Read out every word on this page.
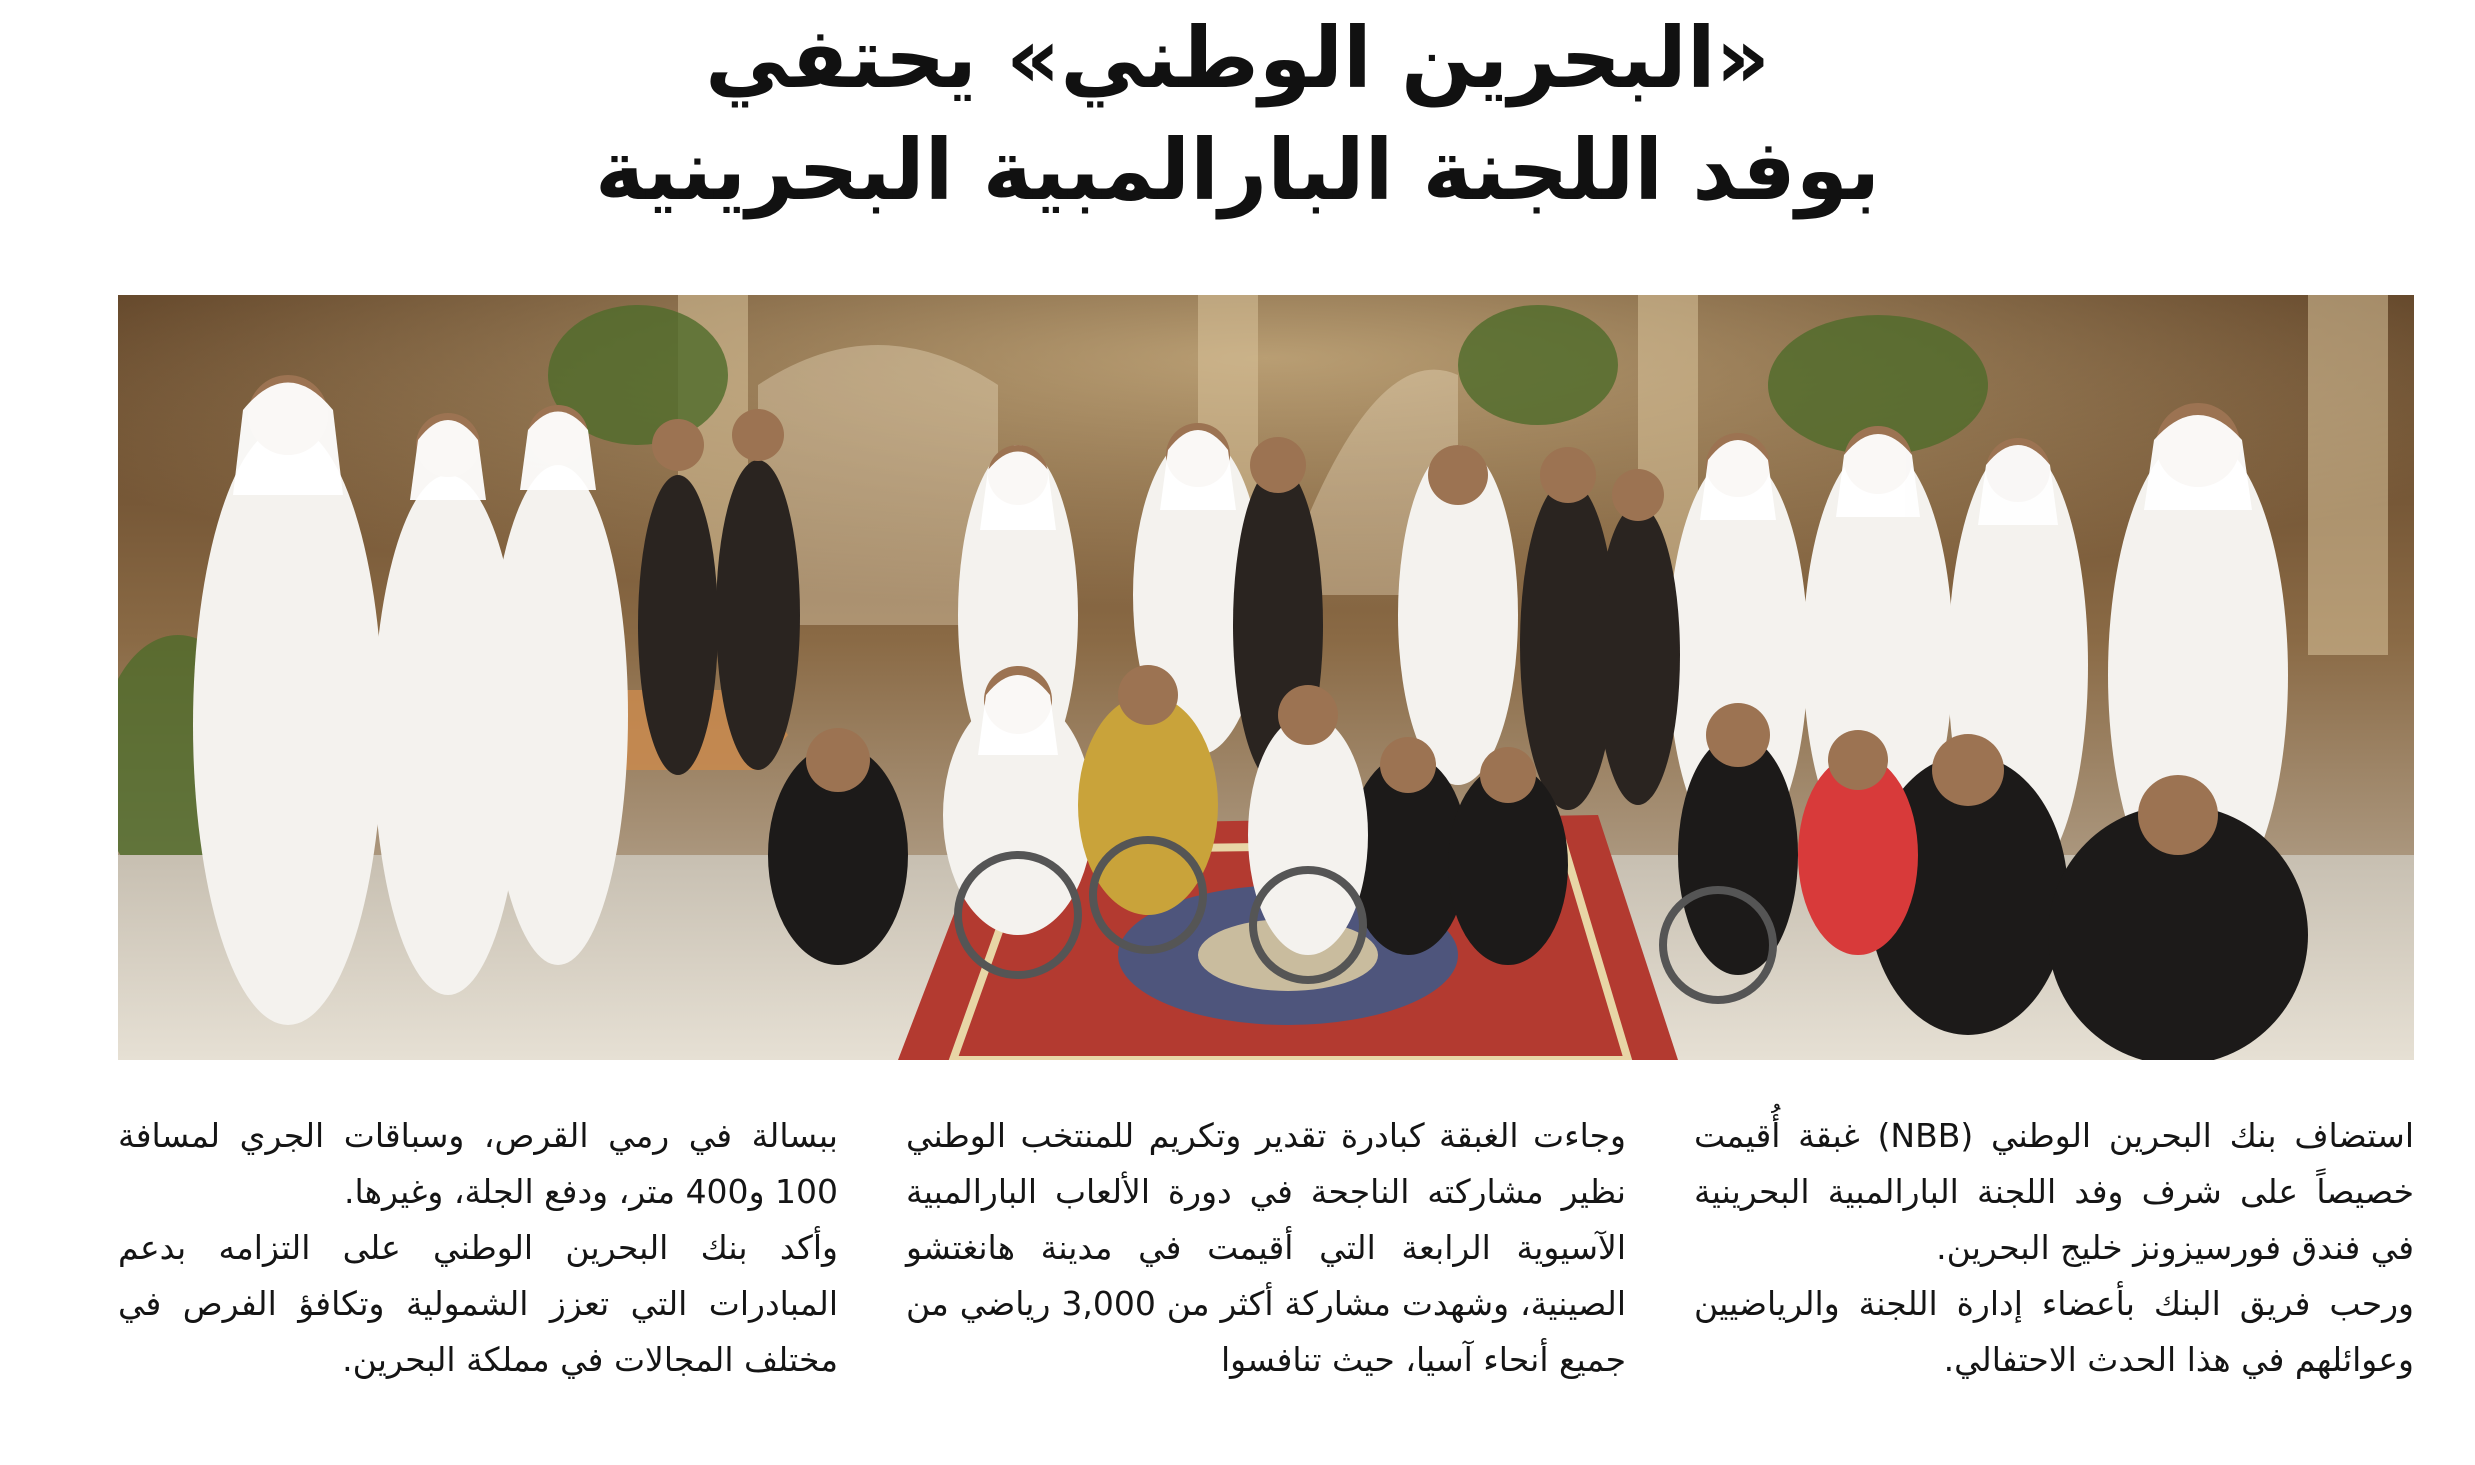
«البحرين الوطني» يحتفي
بوفد اللجنة البارالمبية البحرينية

استضاف بنك البحرين الوطني (NBB) غبقة أُقيمت خصيصاً على شرف وفد اللجنة البارالمبية البحرينية في فندق فورسيزونز خليج البحرين.

ورحب فريق البنك بأعضاء إدارة اللجنة والرياضيين وعوائلهم في هذا الحدث الاحتفالي.

وجاءت الغبقة كبادرة تقدير وتكريم للمنتخب الوطني نظير مشاركته الناجحة في دورة الألعاب البارالمبية الآسيوية الرابعة التي أقيمت في مدينة هانغتشو الصينية، وشهدت مشاركة أكثر من 3,000 رياضي من جميع أنحاء آسيا، حيث تنافسوا

ببسالة في رمي القرص، وسباقات الجري لمسافة 100 و400 متر، ودفع الجلة، وغيرها.

وأكد بنك البحرين الوطني على التزامه بدعم المبادرات التي تعزز الشمولية وتكافؤ الفرص في مختلف المجالات في مملكة البحرين.
